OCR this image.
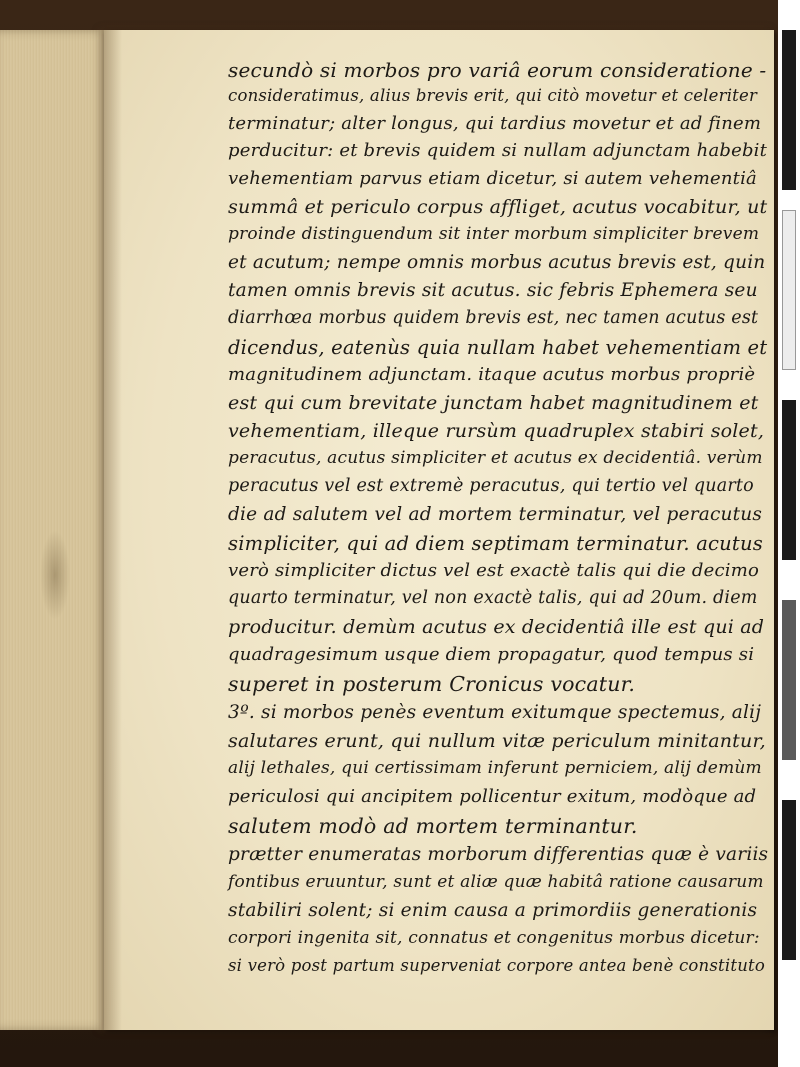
secundò si morbos pro variâ eorum consideratione -
consideratimus, alius brevis erit, qui citò movetur et celeriter
terminatur; alter longus, qui tardius movetur et ad finem
perducitur: et brevis quidem si nullam adjunctam habebit
vehementiam parvus etiam dicetur, si autem vehementiâ
summâ et periculo corpus affliget, acutus vocabitur, ut
proinde distinguendum sit inter morbum simpliciter brevem
et acutum; nempe omnis morbus acutus brevis est, quin
tamen omnis brevis sit acutus. sic febris Ephemera seu
diarrhœa morbus quidem brevis est, nec tamen acutus est
dicendus, eatenùs quia nullam habet vehementiam et
magnitudinem adjunctam. itaque acutus morbus propriè
est qui cum brevitate junctam habet magnitudinem et
vehementiam, illeque rursùm quadruplex stabiri solet,
peracutus, acutus simpliciter et acutus ex decidentiâ. verùm
peracutus vel est extremè peracutus, qui tertio vel quarto
die ad salutem vel ad mortem terminatur, vel peracutus
simpliciter, qui ad diem septimam terminatur. acutus
verò simpliciter dictus vel est exactè talis qui die decimo
quarto terminatur, vel non exactè talis, qui ad 20um. diem
producitur. demùm acutus ex decidentiâ ille est qui ad
quadragesimum usque diem propagatur, quod tempus si
superet in posterum Cronicus vocatur.
3º. si morbos penès eventum exitumque spectemus, alij
salutares erunt, qui nullum vitæ periculum minitantur,
alij lethales, qui certissimam inferunt perniciem, alij demùm
periculosi qui ancipitem pollicentur exitum, modòque ad
salutem modò ad mortem terminantur.
prætter enumeratas morborum differentias quæ è variis
fontibus eruuntur, sunt et aliæ quæ habitâ ratione causarum
stabiliri solent; si enim causa a primordiis generationis
corpori ingenita sit, connatus et congenitus morbus dicetur:
si verò post partum superveniat corpore antea benè constituto
